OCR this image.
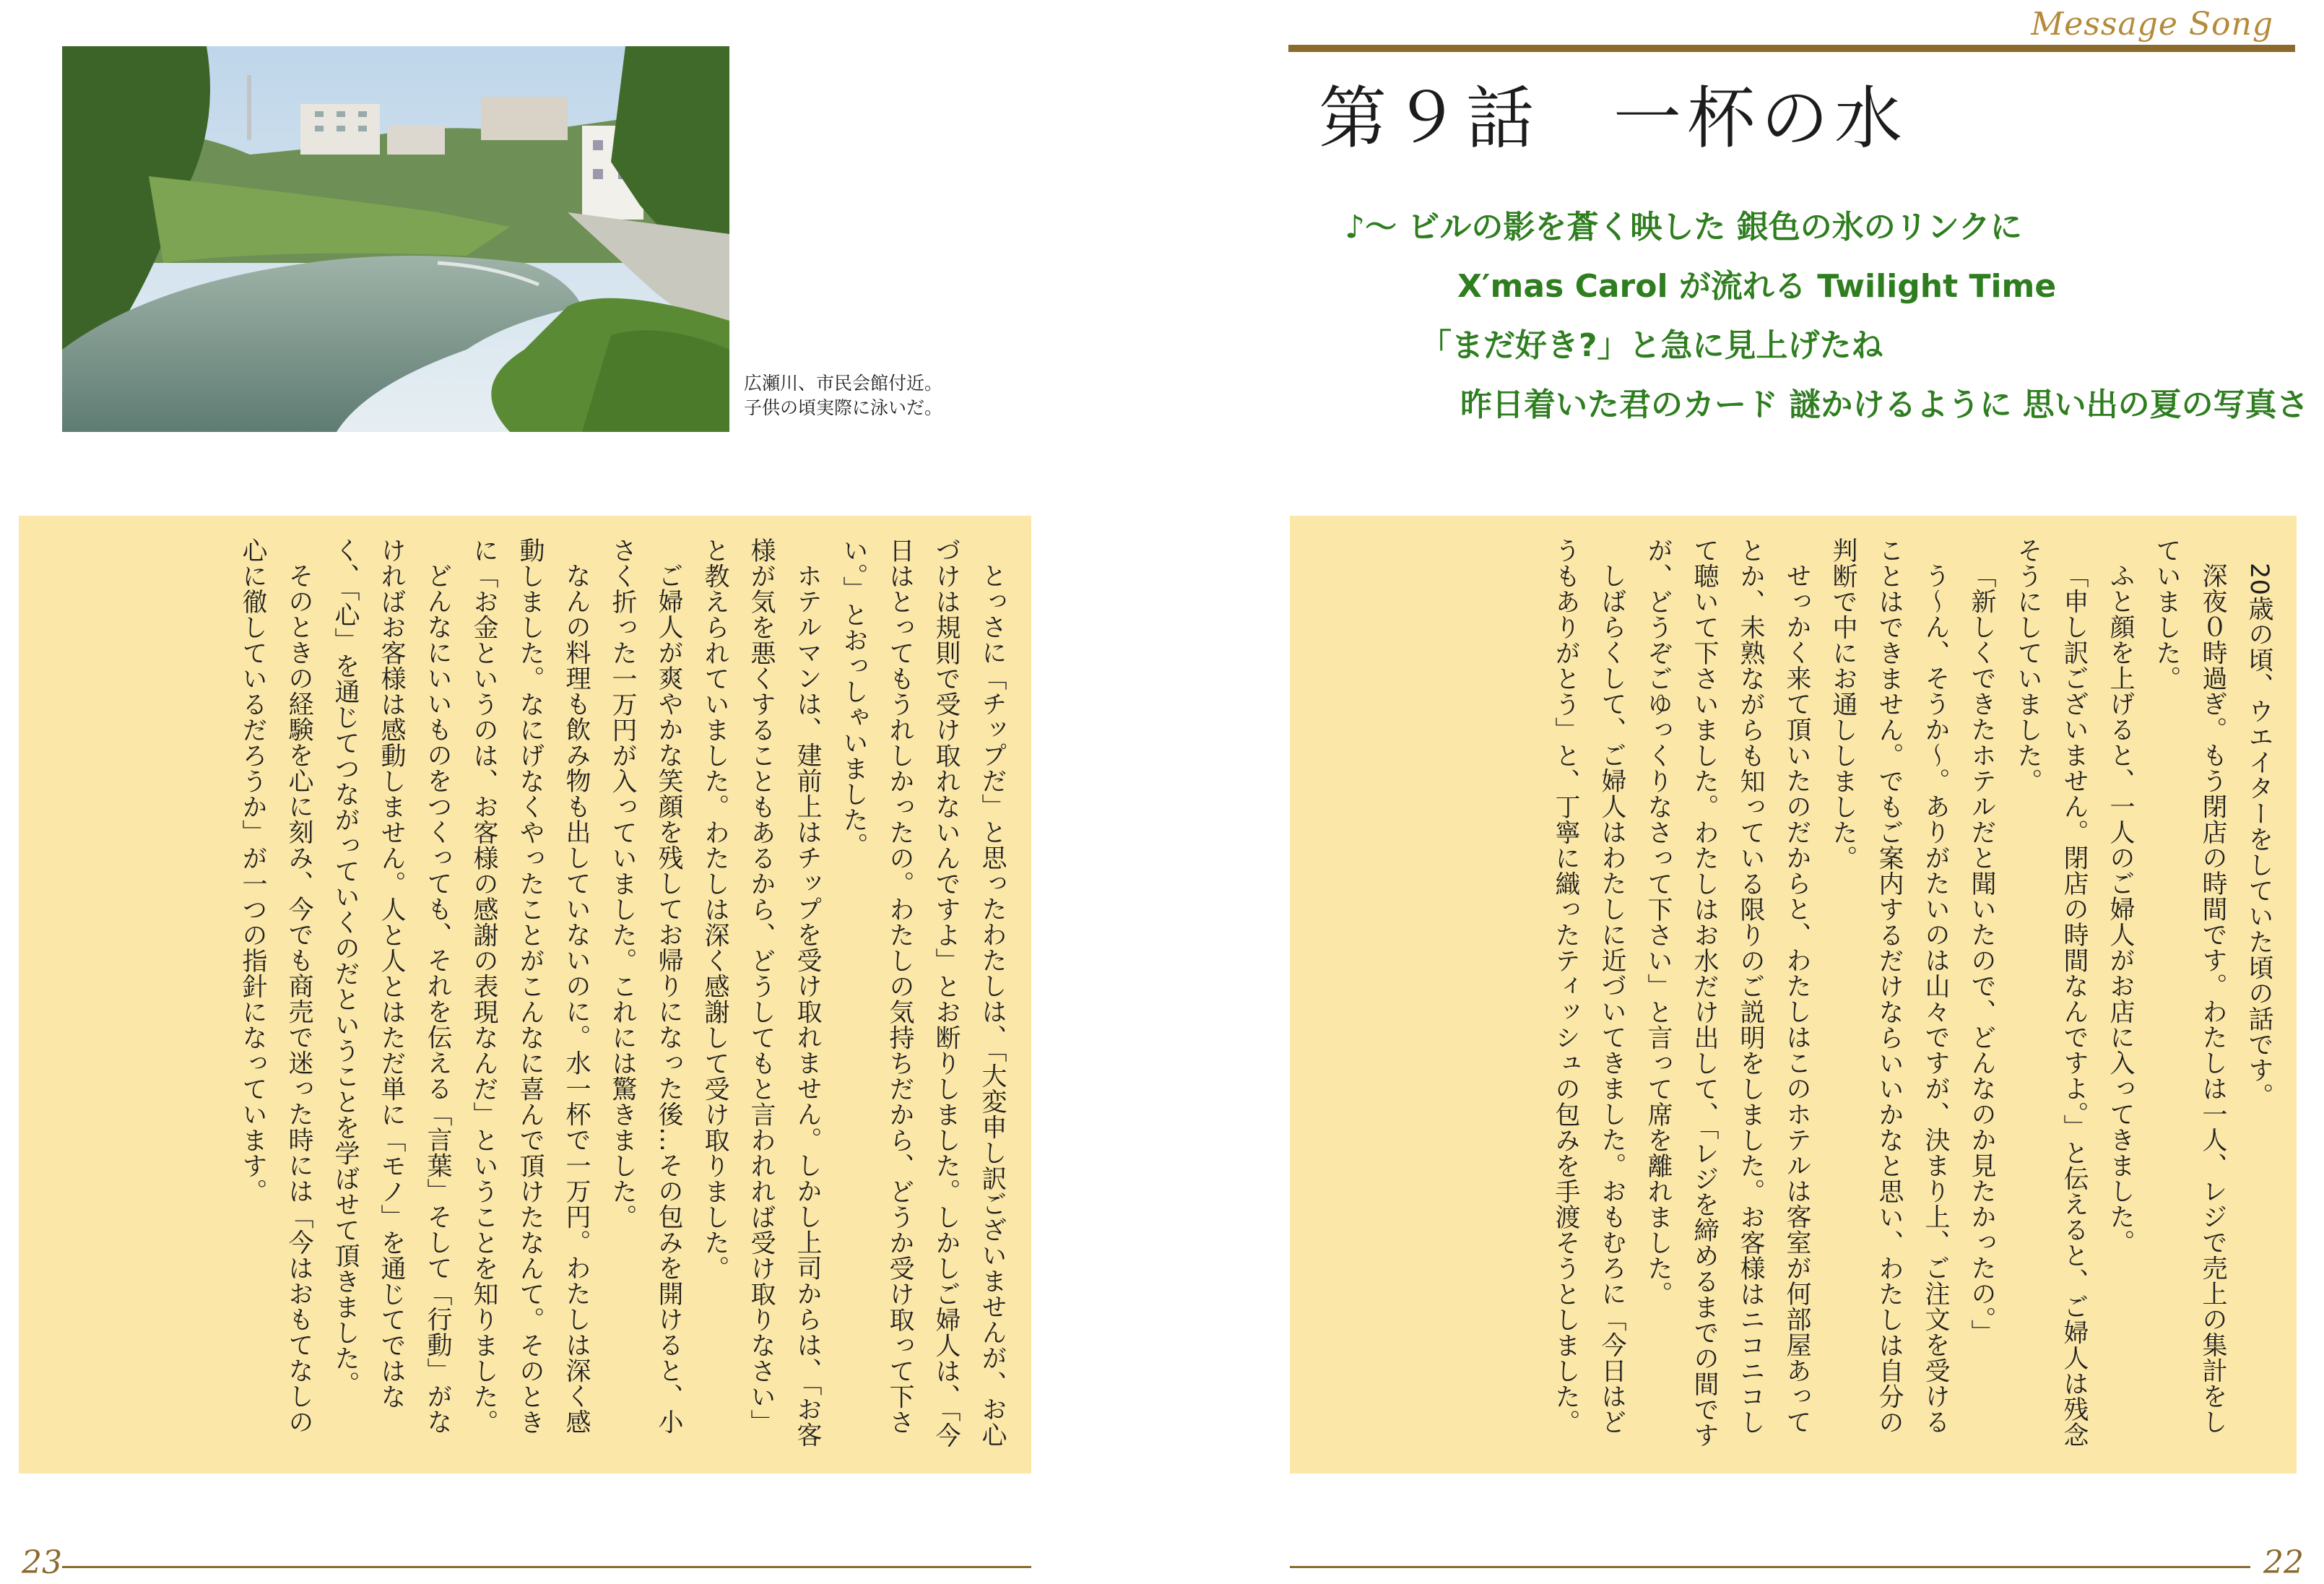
広瀬川、市民会館付近。
子供の頃実際に泳いだ。

とっさに「チップだ」と思ったわたしは、「大変申し訳ございませんが、お心づけは規則で受け取れないんですよ」とお断りしました。しかしご婦人は、「今日はとってもうれしかったの。わたしの気持ちだから、どうか受け取って下さい。」とおっしゃいました。

ホテルマンは、建前上はチップを受け取れません。しかし上司からは、「お客様が気を悪くすることもあるから、どうしてもと言われれば受け取りなさい」と教えられていました。わたしは深く感謝して受け取りました。

ご婦人が爽やかな笑顔を残してお帰りになった後…その包みを開けると、小さく折った一万円が入っていました。これには驚きました。

なんの料理も飲み物も出していないのに。水一杯で一万円。わたしは深く感動しました。なにげなくやったことがこんなに喜んで頂けたなんて。そのときに「お金というのは、お客様の感謝の表現なんだ」ということを知りました。

どんなにいいものをつくっても、それを伝える「言葉」そして「行動」がなければお客様は感動しません。人と人とはただ単に「モノ」を通じてではなく、「心」を通じてつながっていくのだということを学ばせて頂きました。

そのときの経験を心に刻み、今でも商売で迷った時には「今はおもてなしの心に徹しているだろうか」が一つの指針になっています。

23
Message Song
第９話　一杯の水
♪～ ビルの影を蒼く映した 銀色の氷のリンクに
X′mas Carol が流れる Twilight Time
「まだ好き?」と急に見上げたね
昨日着いた君のカード 謎かけるように 思い出の夏の写真さ

20歳の頃、ウエイターをしていた頃の話です。

深夜０時過ぎ。もう閉店の時間です。わたしは一人、レジで売上の集計をしていました。

ふと顔を上げると、一人のご婦人がお店に入ってきました。

「申し訳ございません。閉店の時間なんですよ。」と伝えると、ご婦人は残念そうにしていました。

「新しくできたホテルだと聞いたので、どんなのか見たかったの。」

う～ん、そうか～。ありがたいのは山々ですが、決まり上、ご注文を受けることはできません。でもご案内するだけならいいかなと思い、わたしは自分の判断で中にお通ししました。

せっかく来て頂いたのだからと、わたしはこのホテルは客室が何部屋あってとか、未熟ながらも知っている限りのご説明をしました。お客様はニコニコして聴いて下さいました。わたしはお水だけ出して、「レジを締めるまでの間ですが、どうぞごゆっくりなさって下さい」と言って席を離れました。

しばらくして、ご婦人はわたしに近づいてきました。おもむろに「今日はどうもありがとう」と、丁寧に織ったティッシュの包みを手渡そうとしました。

22
